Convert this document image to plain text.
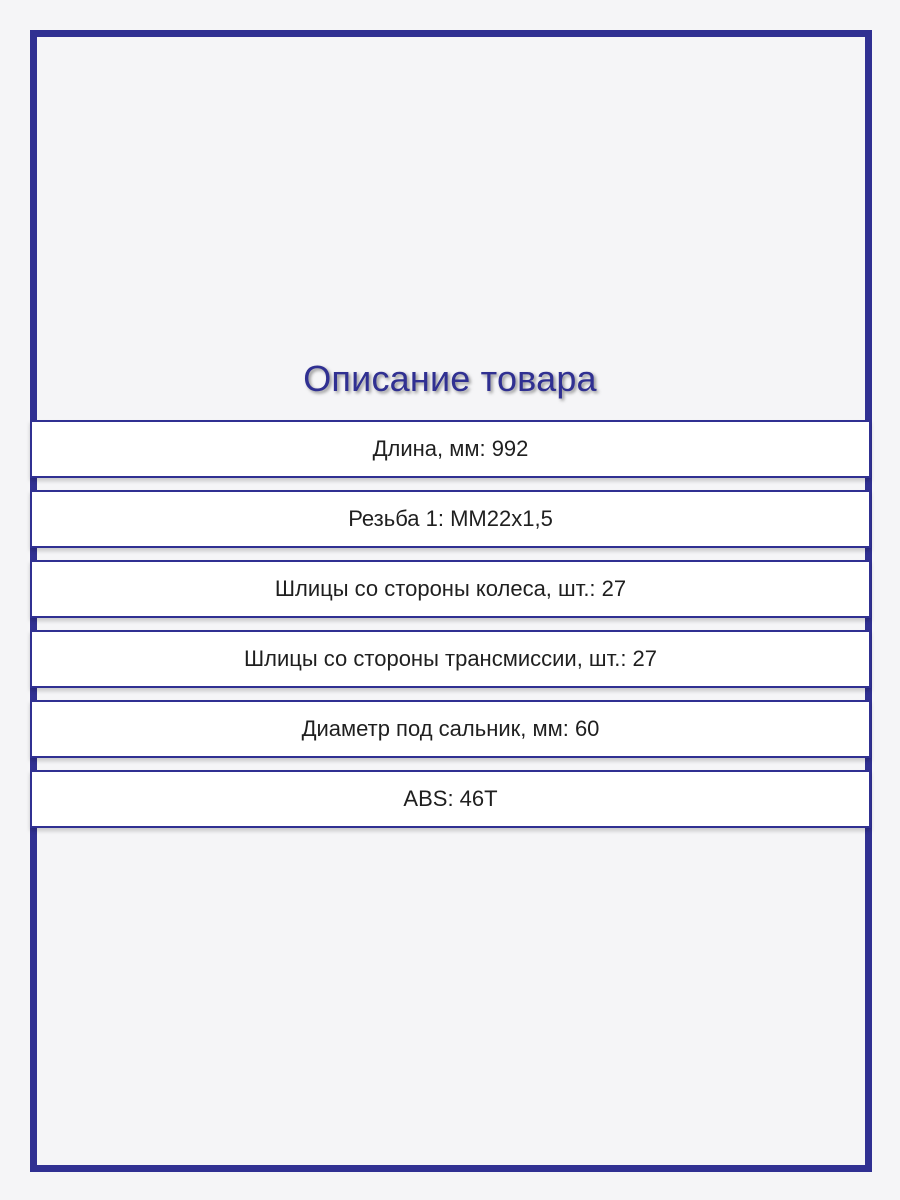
Описание товара
Длина, мм: 992
Резьба 1: MM22x1,5
Шлицы со стороны колеса, шт.: 27
Шлицы со стороны трансмиссии, шт.: 27
Диаметр под сальник, мм: 60
ABS: 46T
